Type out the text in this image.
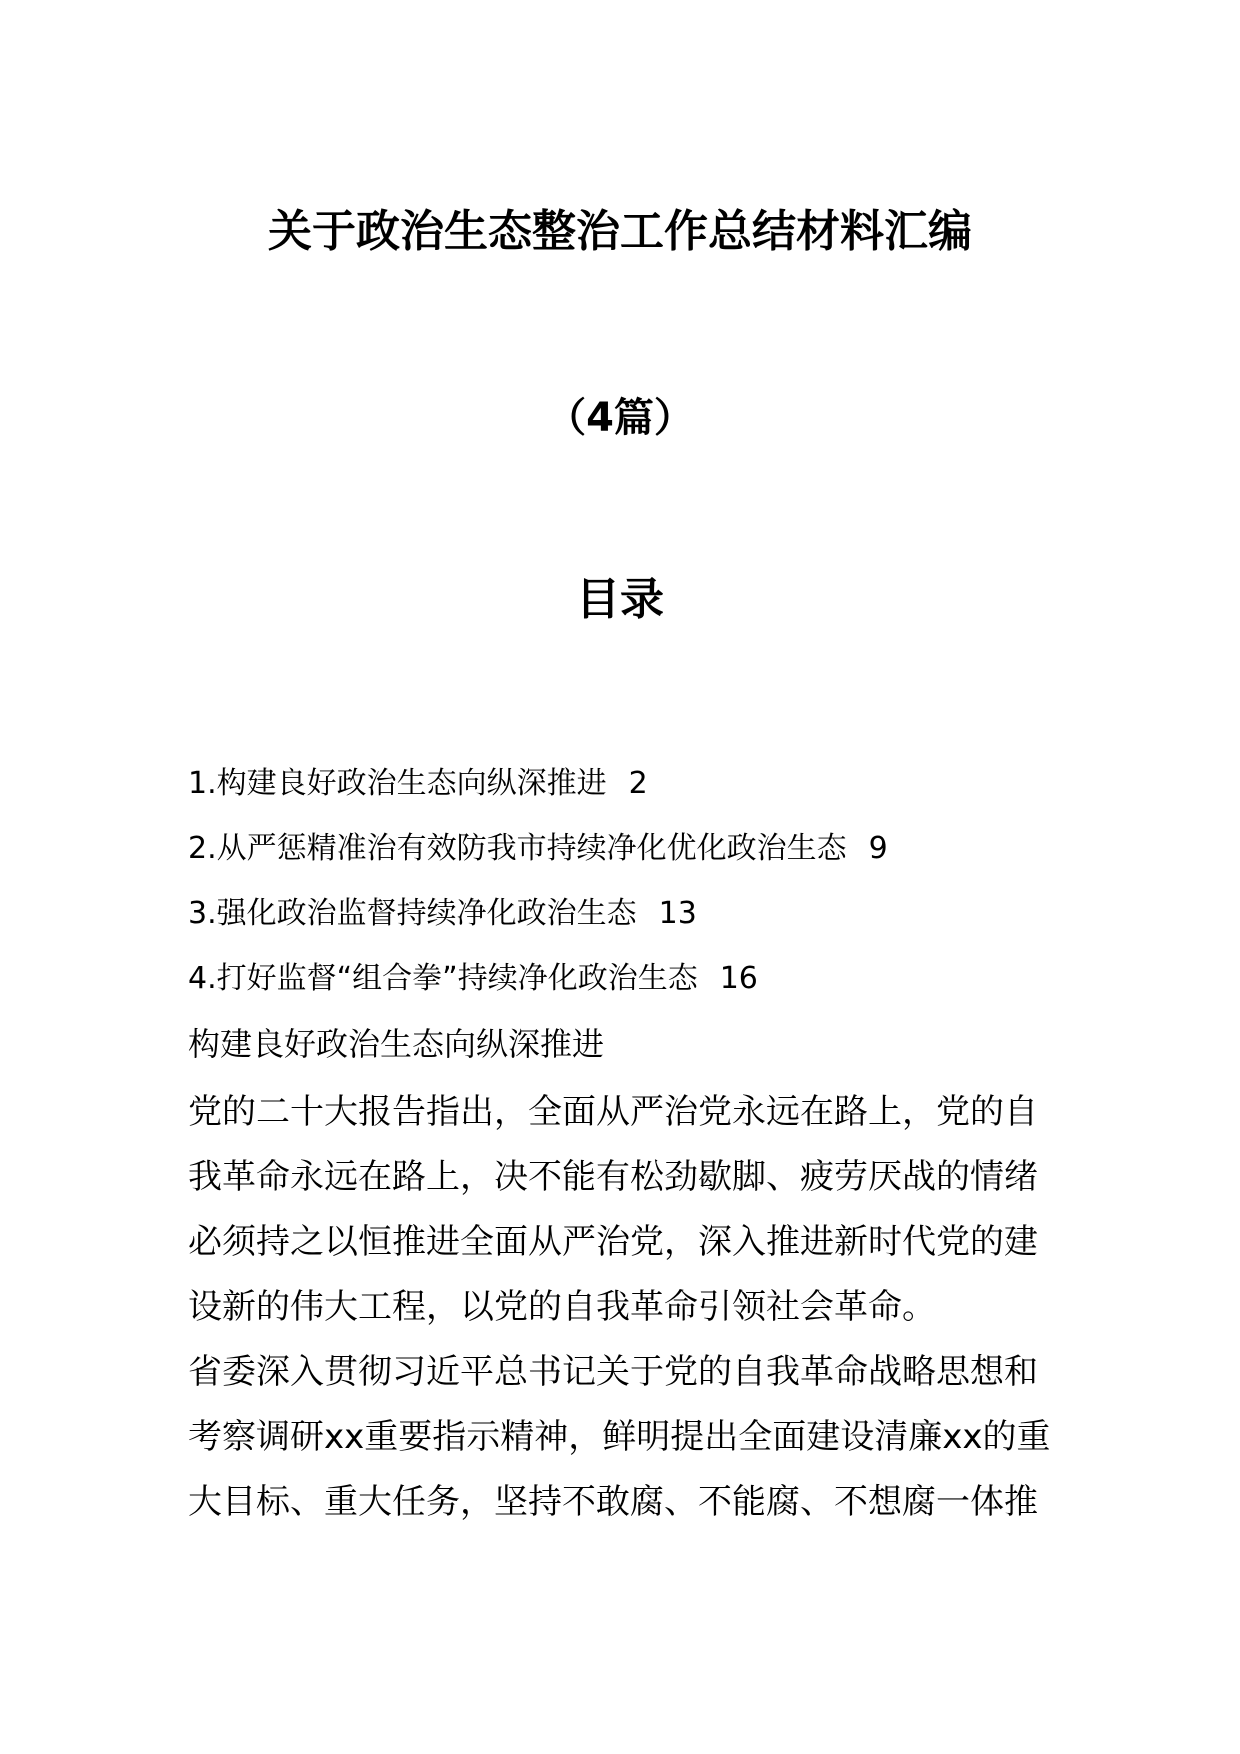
关于政治生态整治工作总结材料汇编
（4篇）
目录
1.构建良好政治生态向纵深推进 2
2.从严惩精准治有效防我市持续净化优化政治生态 9
3.强化政治监督持续净化政治生态 13
4.打好监督“组合拳”持续净化政治生态 16
构建良好政治生态向纵深推进

党的二十大报告指出，全面从严治党永远在路上，党的自我革命永远在路上，决不能有松劲歇脚、疲劳厌战的情绪必须持之以恒推进全面从严治党，深入推进新时代党的建设新的伟大工程，以党的自我革命引领社会革命。

省委深入贯彻习近平总书记关于党的自我革命战略思想和考察调研xx重要指示精神，鲜明提出全面建设清廉xx的重大目标、重大任务，坚持不敢腐、不能腐、不想腐一体推
